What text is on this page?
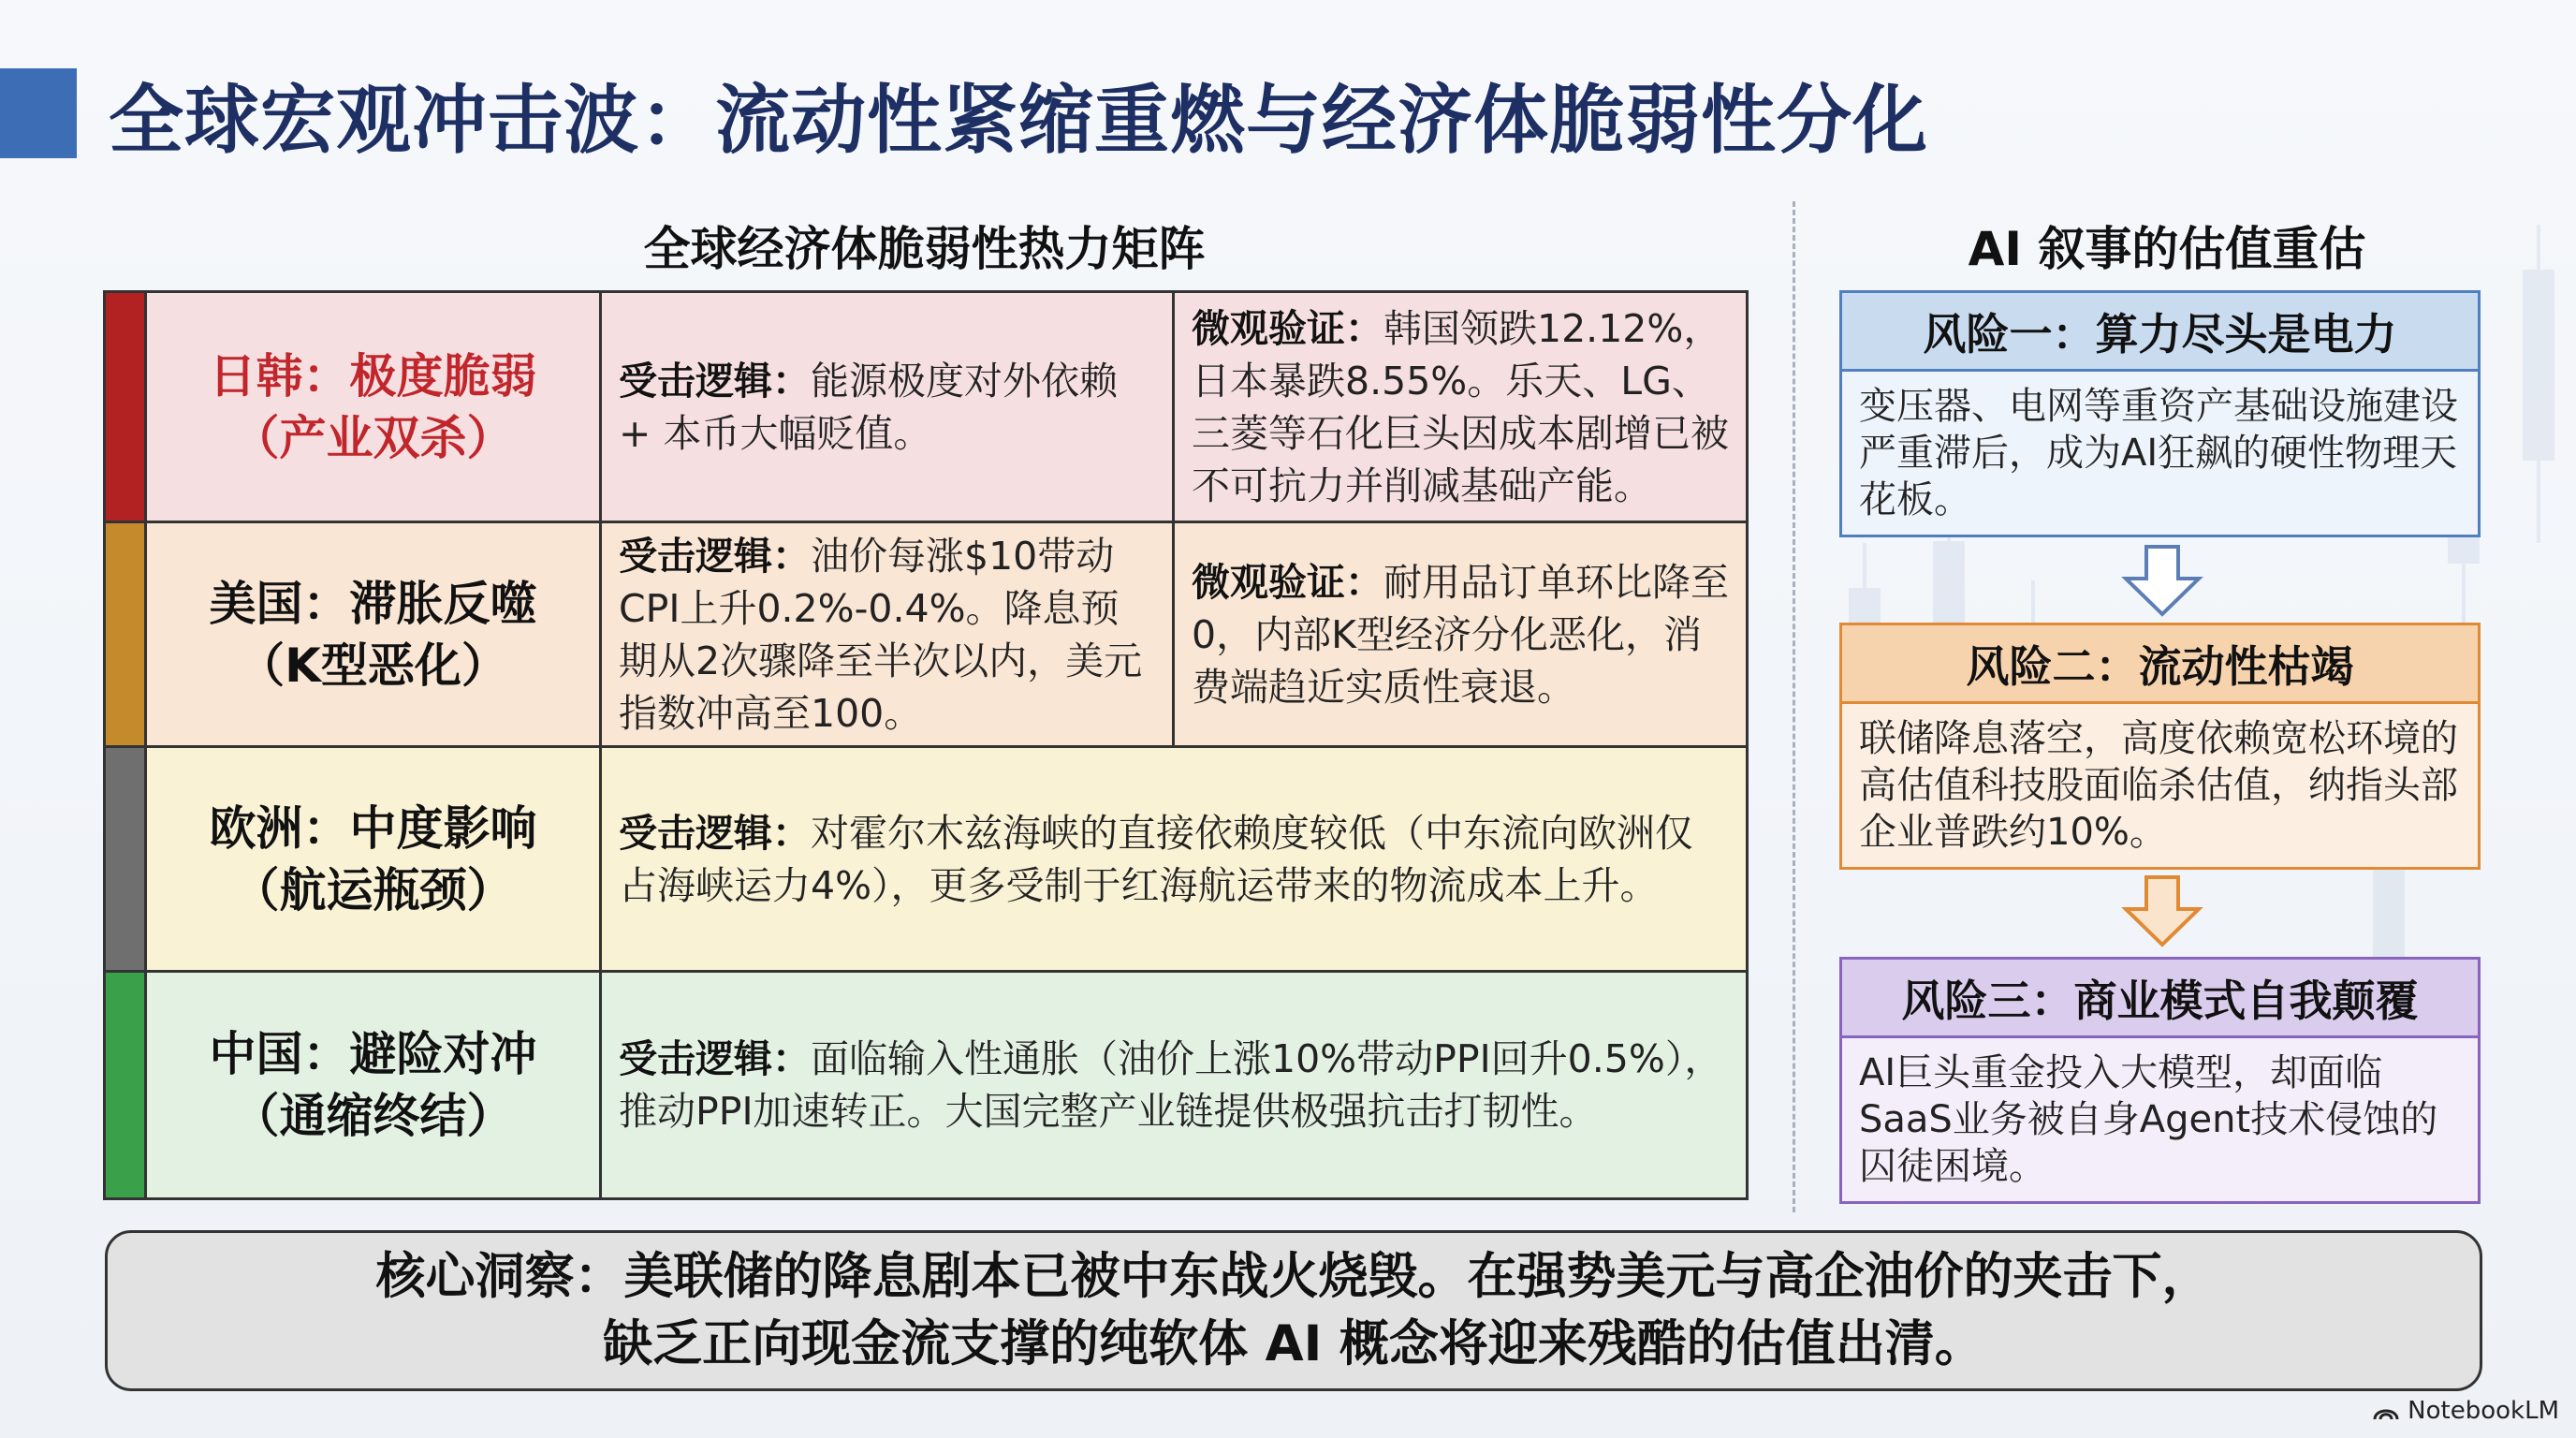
全球宏观冲击波：流动性紧缩重燃与经济体脆弱性分化
全球经济体脆弱性热力矩阵	AI 叙事的估值重估
日韩：极度脆弱
（产业双杀）

受击逻辑：能源极度对外依赖 + 本币大幅贬值。

微观验证：韩国领跌12.12%，日本暴跌8.55%。乐天、LG、三菱等石化巨头因成本剧增已被不可抗力并削减基础产能。

美国：滞胀反噬
（K型恶化）

受击逻辑：油价每涨$10带动CPI上升0.2%-0.4%。降息预期从2次骤降至半次以内，美元指数冲高至100。

微观验证：耐用品订单环比降至0，内部K型经济分化恶化，消费端趋近实质性衰退。

欧洲：中度影响
（航运瓶颈）

受击逻辑：对霍尔木兹海峡的直接依赖度较低（中东流向欧洲仅占海峡运力4%），更多受制于红海航运带来的物流成本上升。

中国：避险对冲
（通缩终结）

受击逻辑：面临输入性通胀（油价上涨10%带动PPI回升0.5%），推动PPI加速转正。大国完整产业链提供极强抗击打韧性。

风险一：算力尽头是电力
变压器、电网等重资产基础设施建设严重滞后，成为AI狂飙的硬性物理天花板。
风险二：流动性枯竭
联储降息落空，高度依赖宽松环境的高估值科技股面临杀估值，纳指头部企业普跌约10%。
风险三：商业模式自我颠覆
AI巨头重金投入大模型，却面临SaaS业务被自身Agent技术侵蚀的囚徒困境。
核心洞察：美联储的降息剧本已被中东战火烧毁。在强势美元与高企油价的夹击下，
缺乏正向现金流支撑的纯软体 AI 概念将迎来残酷的估值出清。
NotebookLM
